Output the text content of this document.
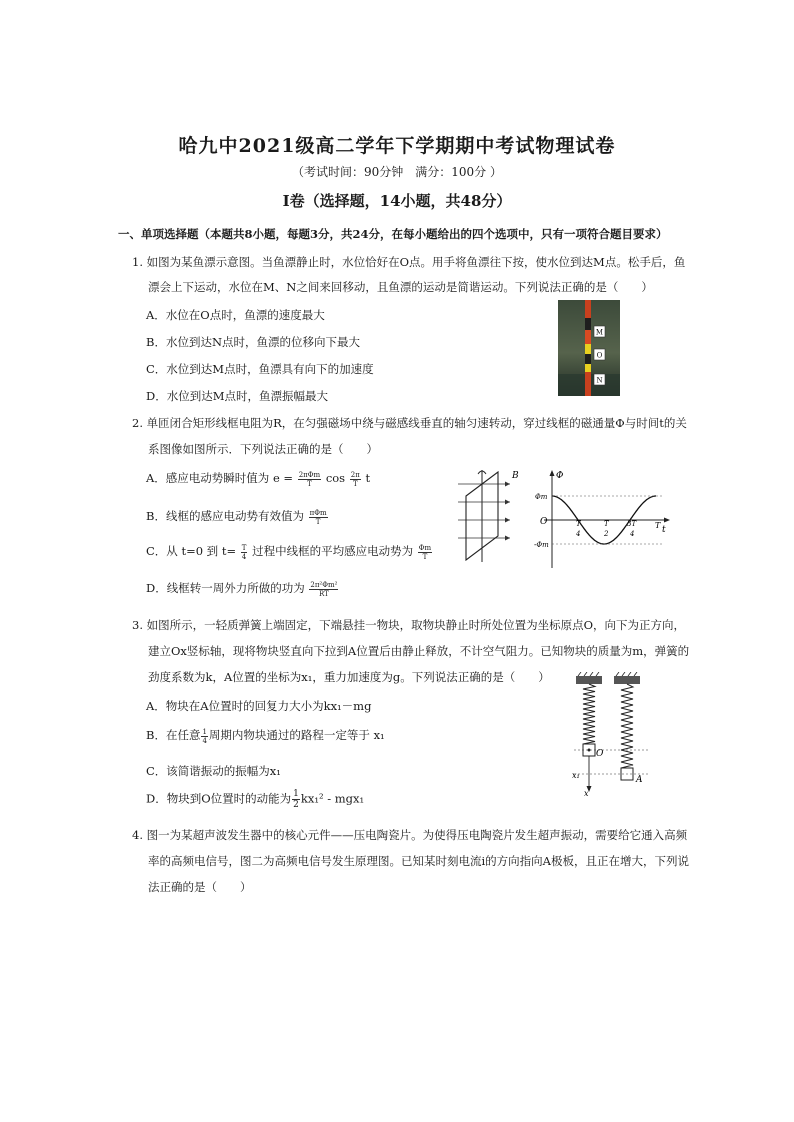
哈九中2021级高二学年下学期期中考试物理试卷
（考试时间：90分钟　满分：100分 ）
I卷（选择题，14小题，共48分）
一、单项选择题（本题共8小题，每题3分，共24分，在每小题给出的四个选项中，只有一项符合题目要求）
1. 如图为某鱼漂示意图。当鱼漂静止时，水位恰好在O点。用手将鱼漂往下按，使水位到达M点。松手后，鱼
漂会上下运动，水位在M、N之间来回移动，且鱼漂的运动是简谐运动。下列说法正确的是（　　）
A．水位在O点时，鱼漂的速度最大
B．水位到达N点时，鱼漂的位移向下最大
C．水位到达M点时，鱼漂具有向下的加速度
D．水位到达M点时，鱼漂振幅最大
M
O
N
2. 单匝闭合矩形线框电阻为R，在匀强磁场中绕与磁感线垂直的轴匀速转动，穿过线框的磁通量Φ与时间t的关
系图像如图所示．下列说法正确的是（　　）
A．感应电动势瞬时值为 $e = \frac{\text{2πΦm}}{T}$ $\cos \frac{2\pi}{T}$ t
B．线框的感应电动势有效值为 $\frac{\text{πΦm}}{T}$
C．从 t=0 到 $t= \frac{T}{4}$ 过程中线框的平均感应电动势为 $\frac{\Phi m}{T}$
D．线框转一周外力所做的功为 $\frac{\text{2π²Φm²}}{RT}$
B	Φ
t
O
Φm
-Φm
T
4
T
2
3T
4
T
3. 如图所示，一轻质弹簧上端固定，下端悬挂一物块，取物块静止时所处位置为坐标原点O，向下为正方向，
建立Ox竖标轴，现将物块竖直向下拉到A位置后由静止释放，不计空气阻力。已知物块的质量为m，弹簧的
劲度系数为k，A位置的坐标为x₁，重力加速度为g。下列说法正确的是（　　）
A．物块在A位置时的回复力大小为kx₁－mg
B．在任意 $\frac{1}{4}$ 周期内物块通过的路程一定等于 x₁
C．该简谐振动的振幅为x₁
D．物块到O位置时的动能为 $\frac{1}{2} kx_1^2 - mgx_1$
O
x₁	A
x
4. 图一为某超声波发生器中的核心元件——压电陶瓷片。为使得压电陶瓷片发生超声振动，需要给它通入高频
率的高频电信号，图二为高频电信号发生原理图。已知某时刻电流i的方向指向A极板，且正在增大，下列说
法正确的是（　　）
